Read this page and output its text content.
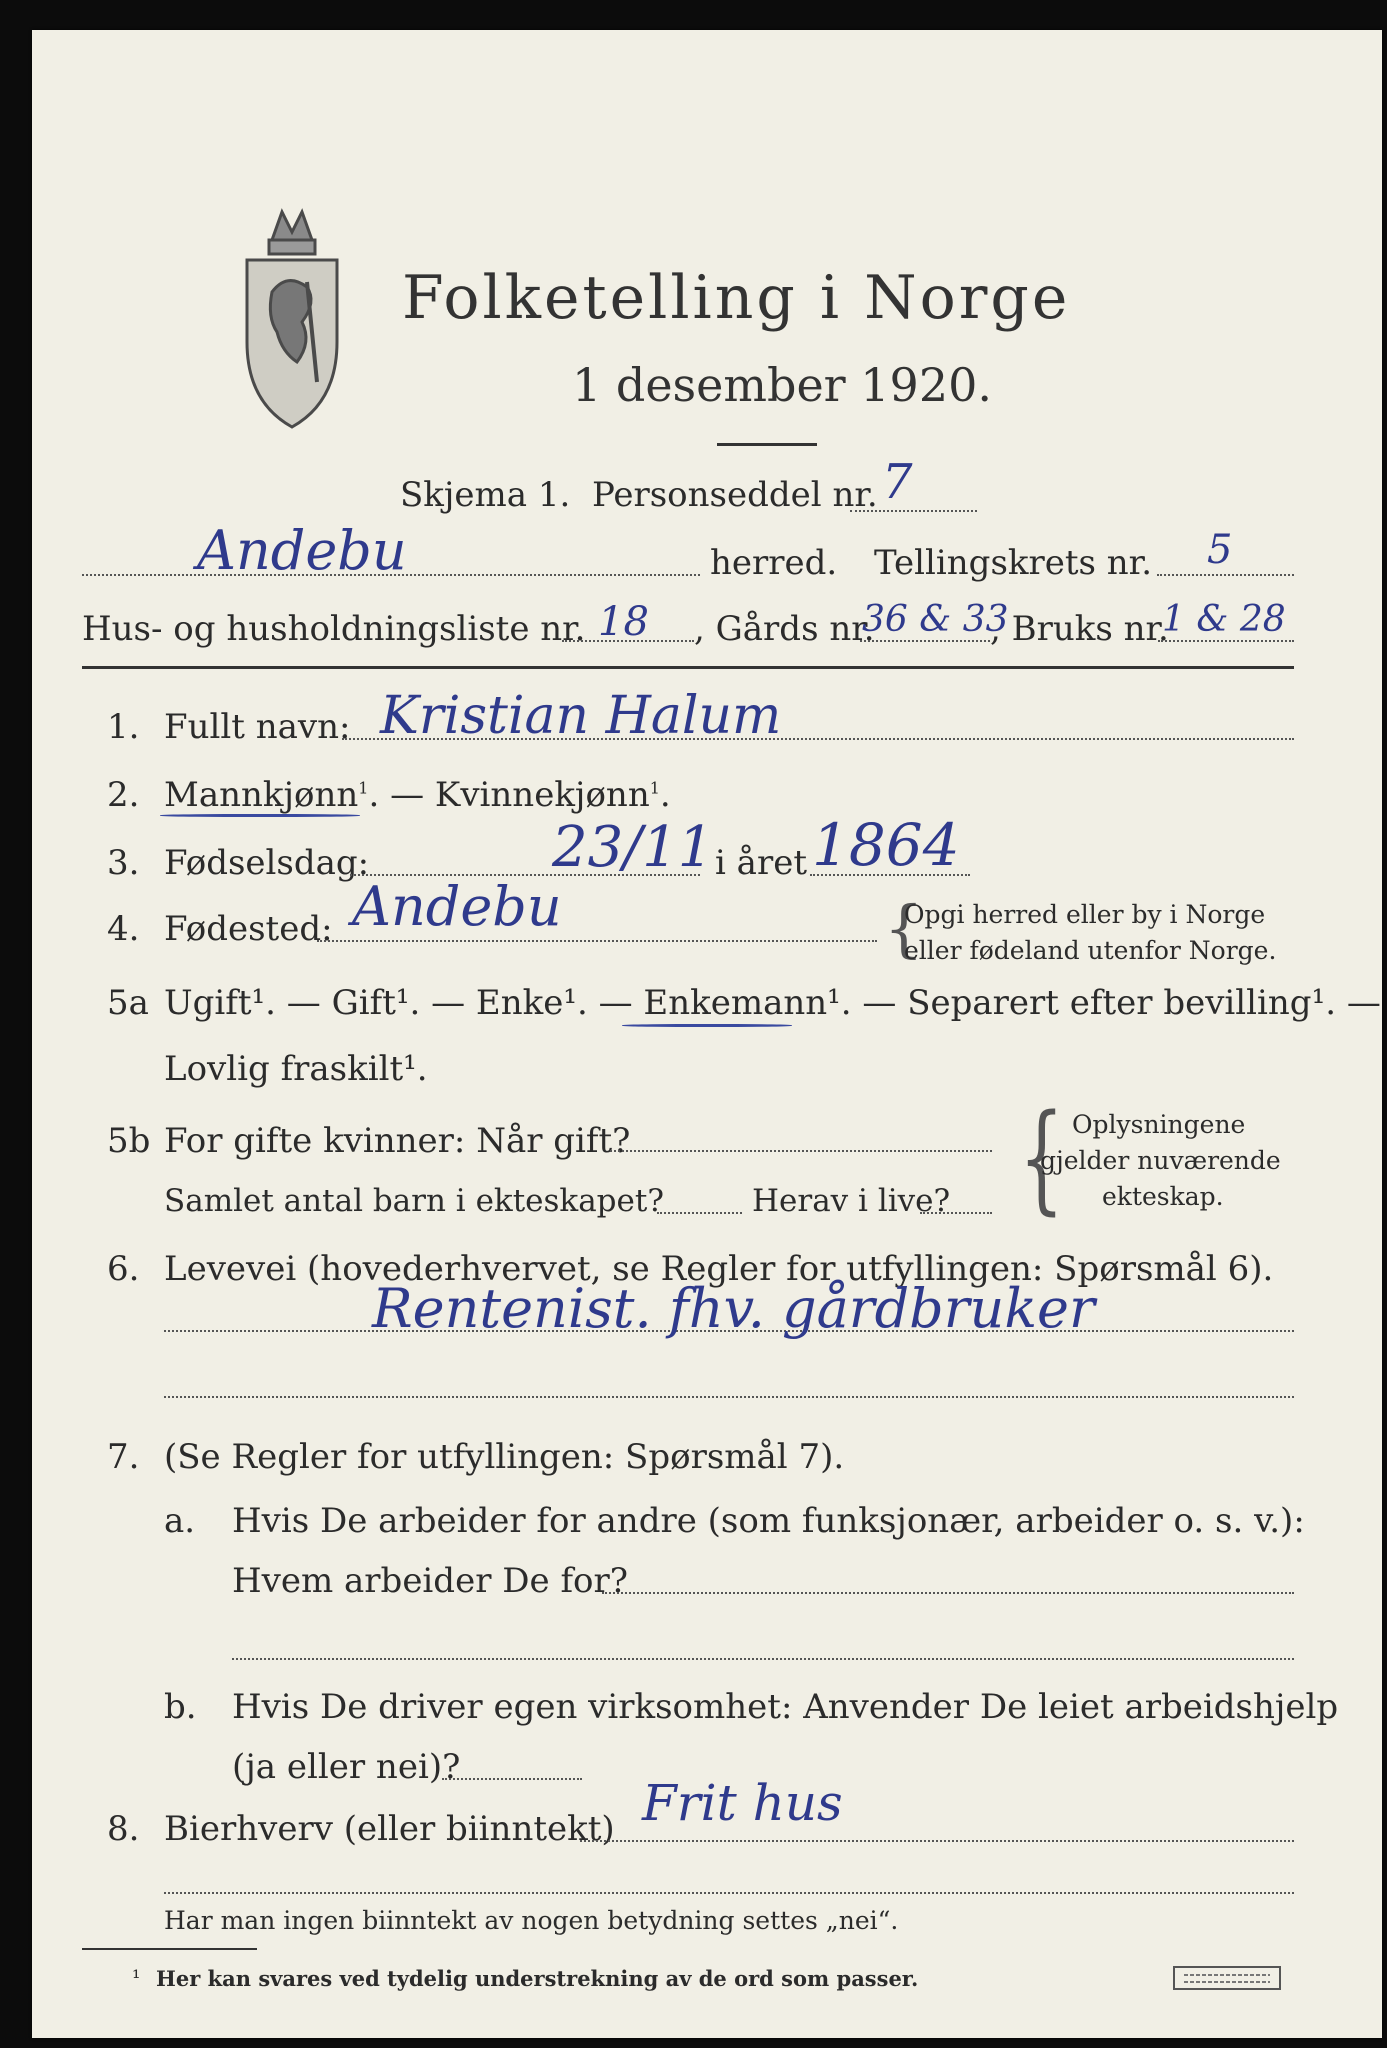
Folketelling i Norge
1 desember 1920.
Skjema 1. Personseddel nr. 7
Andebu	herred. Tellingskrets nr. 5
Hus- og husholdningsliste nr. 18 , Gårds nr.
36 & 33
, Bruks nr.
1 & 28
1. Fullt navn: Kristian Halum
2. Mannkjønn$^1$. — Kvinnekjønn$^1$.
3. Fødselsdag:	23/11 i året 1864
4. Fødested: Andebu	{
Opgi herred eller by i Norge
eller fødeland utenfor Norge.
5a Ugift¹. — Gift¹. — Enke¹. — Enkemann¹. — Separert efter bevilling¹. —
Lovlig fraskilt¹.
5b For gifte kvinner: Når gift?
Samlet antal barn i ekteskapet?	Herav i live? { Oplysningene
gjelder nuværende
ekteskap.
6. Levevei (hovederhvervet, se Regler for utfyllingen: Spørsmål 6).
Rentenist. fhv. gårdbruker
7. (Se Regler for utfyllingen: Spørsmål 7).
a. Hvis De arbeider for andre (som funksjonær, arbeider o. s. v.):
Hvem arbeider De for?
b. Hvis De driver egen virksomhet: Anvender De leiet arbeidshjelp
(ja eller nei)?
8. Bierhverv (eller biinntekt) Frit hus
Har man ingen biinntekt av nogen betydning settes „nei“.
¹ Her kan svares ved tydelig understrekning av de ord som passer.
